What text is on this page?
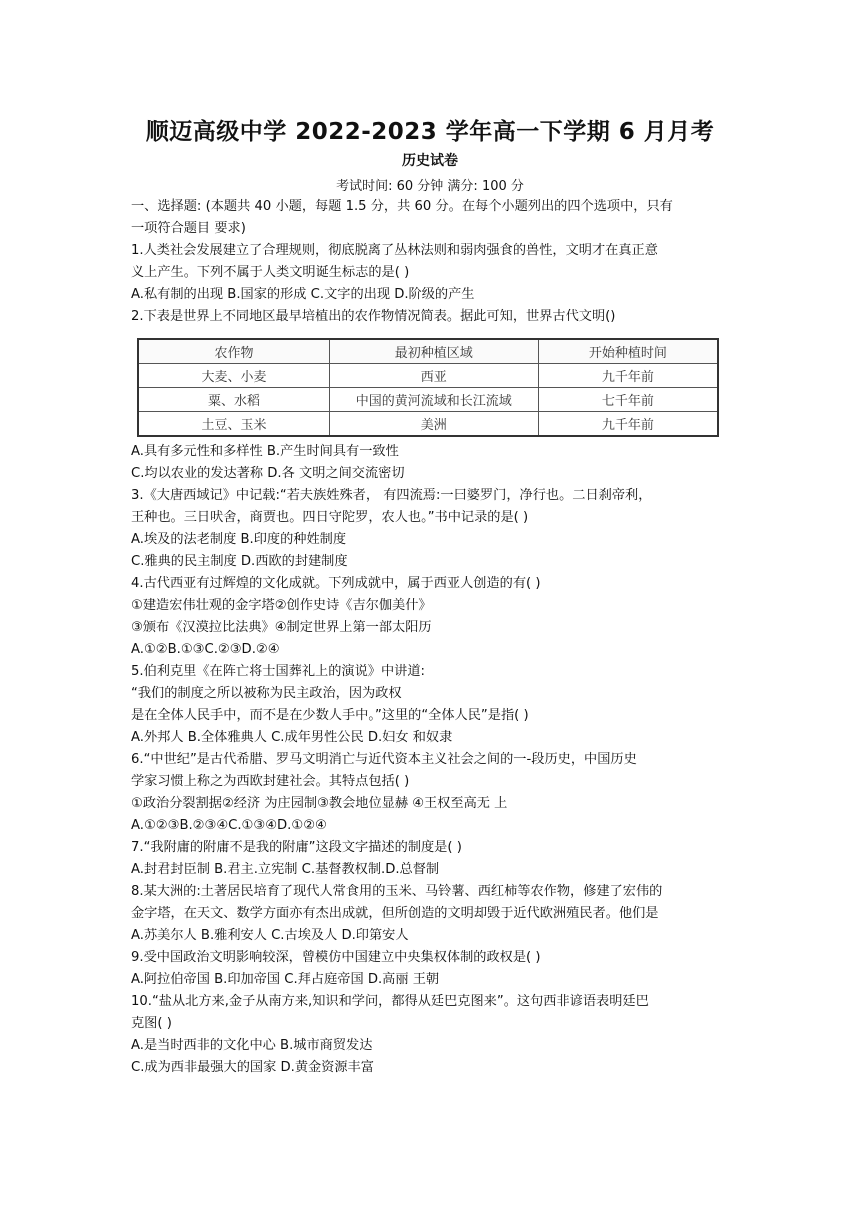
顺迈高级中学 2022-2023 学年高一下学期 6 月月考
历史试卷
考试时间: 60 分钟 满分: 100 分
一、选择题: (本题共 40 小题，每题 1.5 分，共 60 分。在每个小题列出的四个选项中，只有
一项符合题目 要求)
1.人类社会发展建立了合理规则，彻底脱离了丛林法则和弱肉强食的兽性，文明才在真正意
义上产生。下列不属于人类文明诞生标志的是( )
A.私有制的出现 B.国家的形成 C.文字的出现 D.阶级的产生
2.下表是世界上不同地区最早培植出的农作物情况简表。据此可知，世界古代文明()
农作物	最初种植区域	开始种植时间
大麦、小麦	西亚	九千年前
粟、水稻	中国的黄河流域和长江流域	七千年前
土豆、玉米	美洲	九千年前
A.具有多元性和多样性 B.产生时间具有一致性
C.均以农业的发达著称 D.各 文明之间交流密切
3.《大唐西域记》中记载:“若夫族姓殊者， 有四流焉:一曰婆罗门，净行也。二日刹帝利，
王种也。三日吠舍，商贾也。四日守陀罗，农人也。”书中记录的是( )
A.埃及的法老制度 B.印度的种姓制度
C.雅典的民主制度 D.西欧的封建制度
4.古代西亚有过辉煌的文化成就。下列成就中，属于西亚人创造的有( )
①建造宏伟壮观的金字塔②创作史诗《吉尔伽美什》
③颁布《汉漠拉比法典》④制定世界上第一部太阳历
A.①②B.①③C.②③D.②④
5.伯利克里《在阵亡将士国葬礼上的演说》中讲道:
“我们的制度之所以被称为民主政治，因为政权
是在全体人民手中，而不是在少数人手中。”这里的“全体人民”是指( )
A.外邦人 B.全体雅典人 C.成年男性公民 D.妇女 和奴隶
6.“中世纪”是古代希腊、罗马文明消亡与近代资本主义社会之间的一-段历史，中国历史
学家习惯上称之为西欧封建社会。其特点包括( )
①政治分裂割据②经济 为庄园制③教会地位显赫 ④王权至高无 上
A.①②③B.②③④C.①③④D.①②④
7.“我附庸的附庸不是我的附庸”这段文字描述的制度是( )
A.封君封臣制 B.君主.立宪制 C.基督教权制.D.总督制
8.某大洲的:土著居民培育了现代人常食用的玉米、马铃薯、西红柿等农作物，修建了宏伟的
金字塔，在天文、数学方面亦有杰出成就，但所创造的文明却毁于近代欧洲殖民者。他们是
A.苏美尔人 B.雅利安人 C.古埃及人 D.印第安人
9.受中国政治文明影响较深，曾模仿中国建立中央集权体制的政权是( )
A.阿拉伯帝国 B.印加帝国 C.拜占庭帝国 D.高丽 王朝
10.“盐从北方来,金子从南方来,知识和学问，都得从廷巴克图来”。这句西非谚语表明廷巴
克图( )
A.是当时西非的文化中心 B.城市商贸发达
C.成为西非最强大的国家 D.黄金资源丰富
